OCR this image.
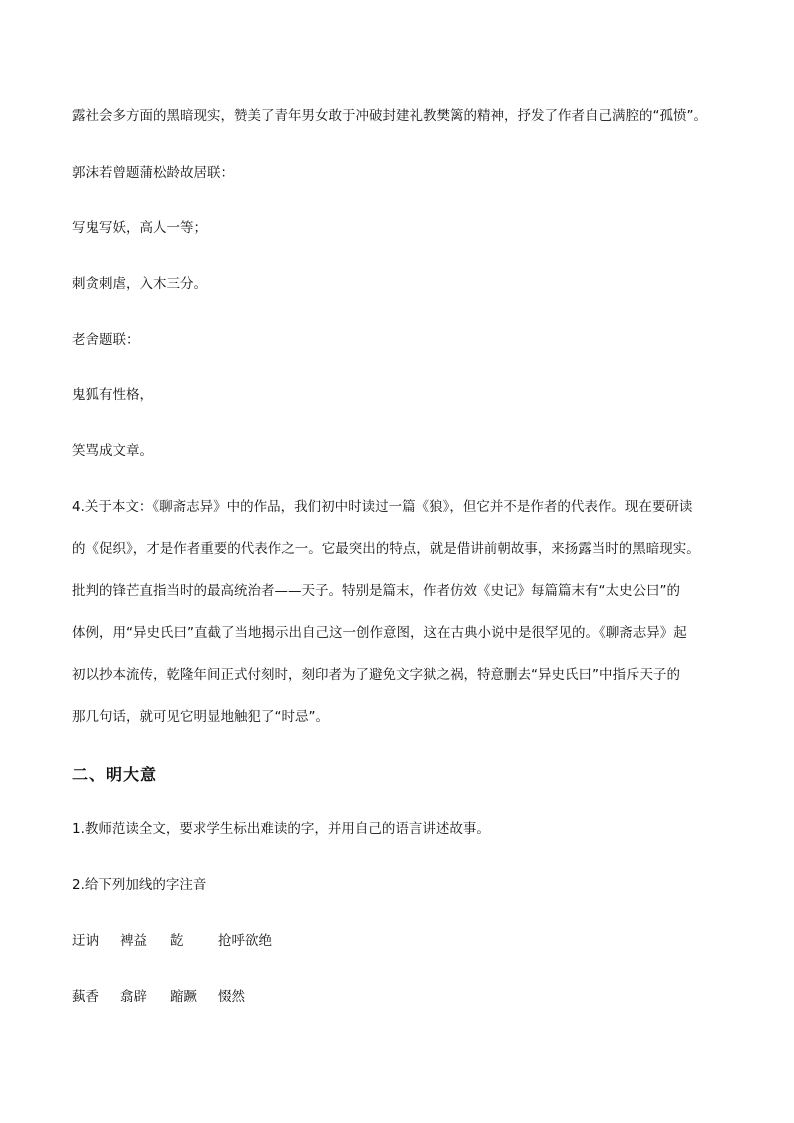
露社会多方面的黑暗现实，赞美了青年男女敢于冲破封建礼教樊篱的精神，抒发了作者自己满腔的“孤愤”。

郭沫若曾题蒲松龄故居联：

写鬼写妖，高人一等；

刺贪刺虐，入木三分。

老舍题联：

鬼狐有性格，

笑骂成文章。

4.关于本文：《聊斋志异》中的作品，我们初中时读过一篇《狼》，但它并不是作者的代表作。现在要研读

的《促织》，才是作者重要的代表作之一。它最突出的特点，就是借讲前朝故事，来扬露当时的黑暗现实。

批判的锋芒直指当时的最高统治者——天子。特别是篇末，作者仿效《史记》每篇篇末有“太史公曰”的

体例，用“异史氏曰”直截了当地揭示出自己这一创作意图，这在古典小说中是很罕见的。《聊斋志异》起

初以抄本流传，乾隆年间正式付刻时，刻印者为了避免文字狱之祸，特意删去“异史氏曰”中指斥天子的

那几句话，就可见它明显地触犯了“时忌”。

二、明大意

1.教师范读全文，要求学生标出难读的字，并用自己的语言讲述故事。

2.给下列加线的字注音

迂讷 裨益 龁	抢呼欲绝
蓺香 翕辟 蹜蹶 惙然
